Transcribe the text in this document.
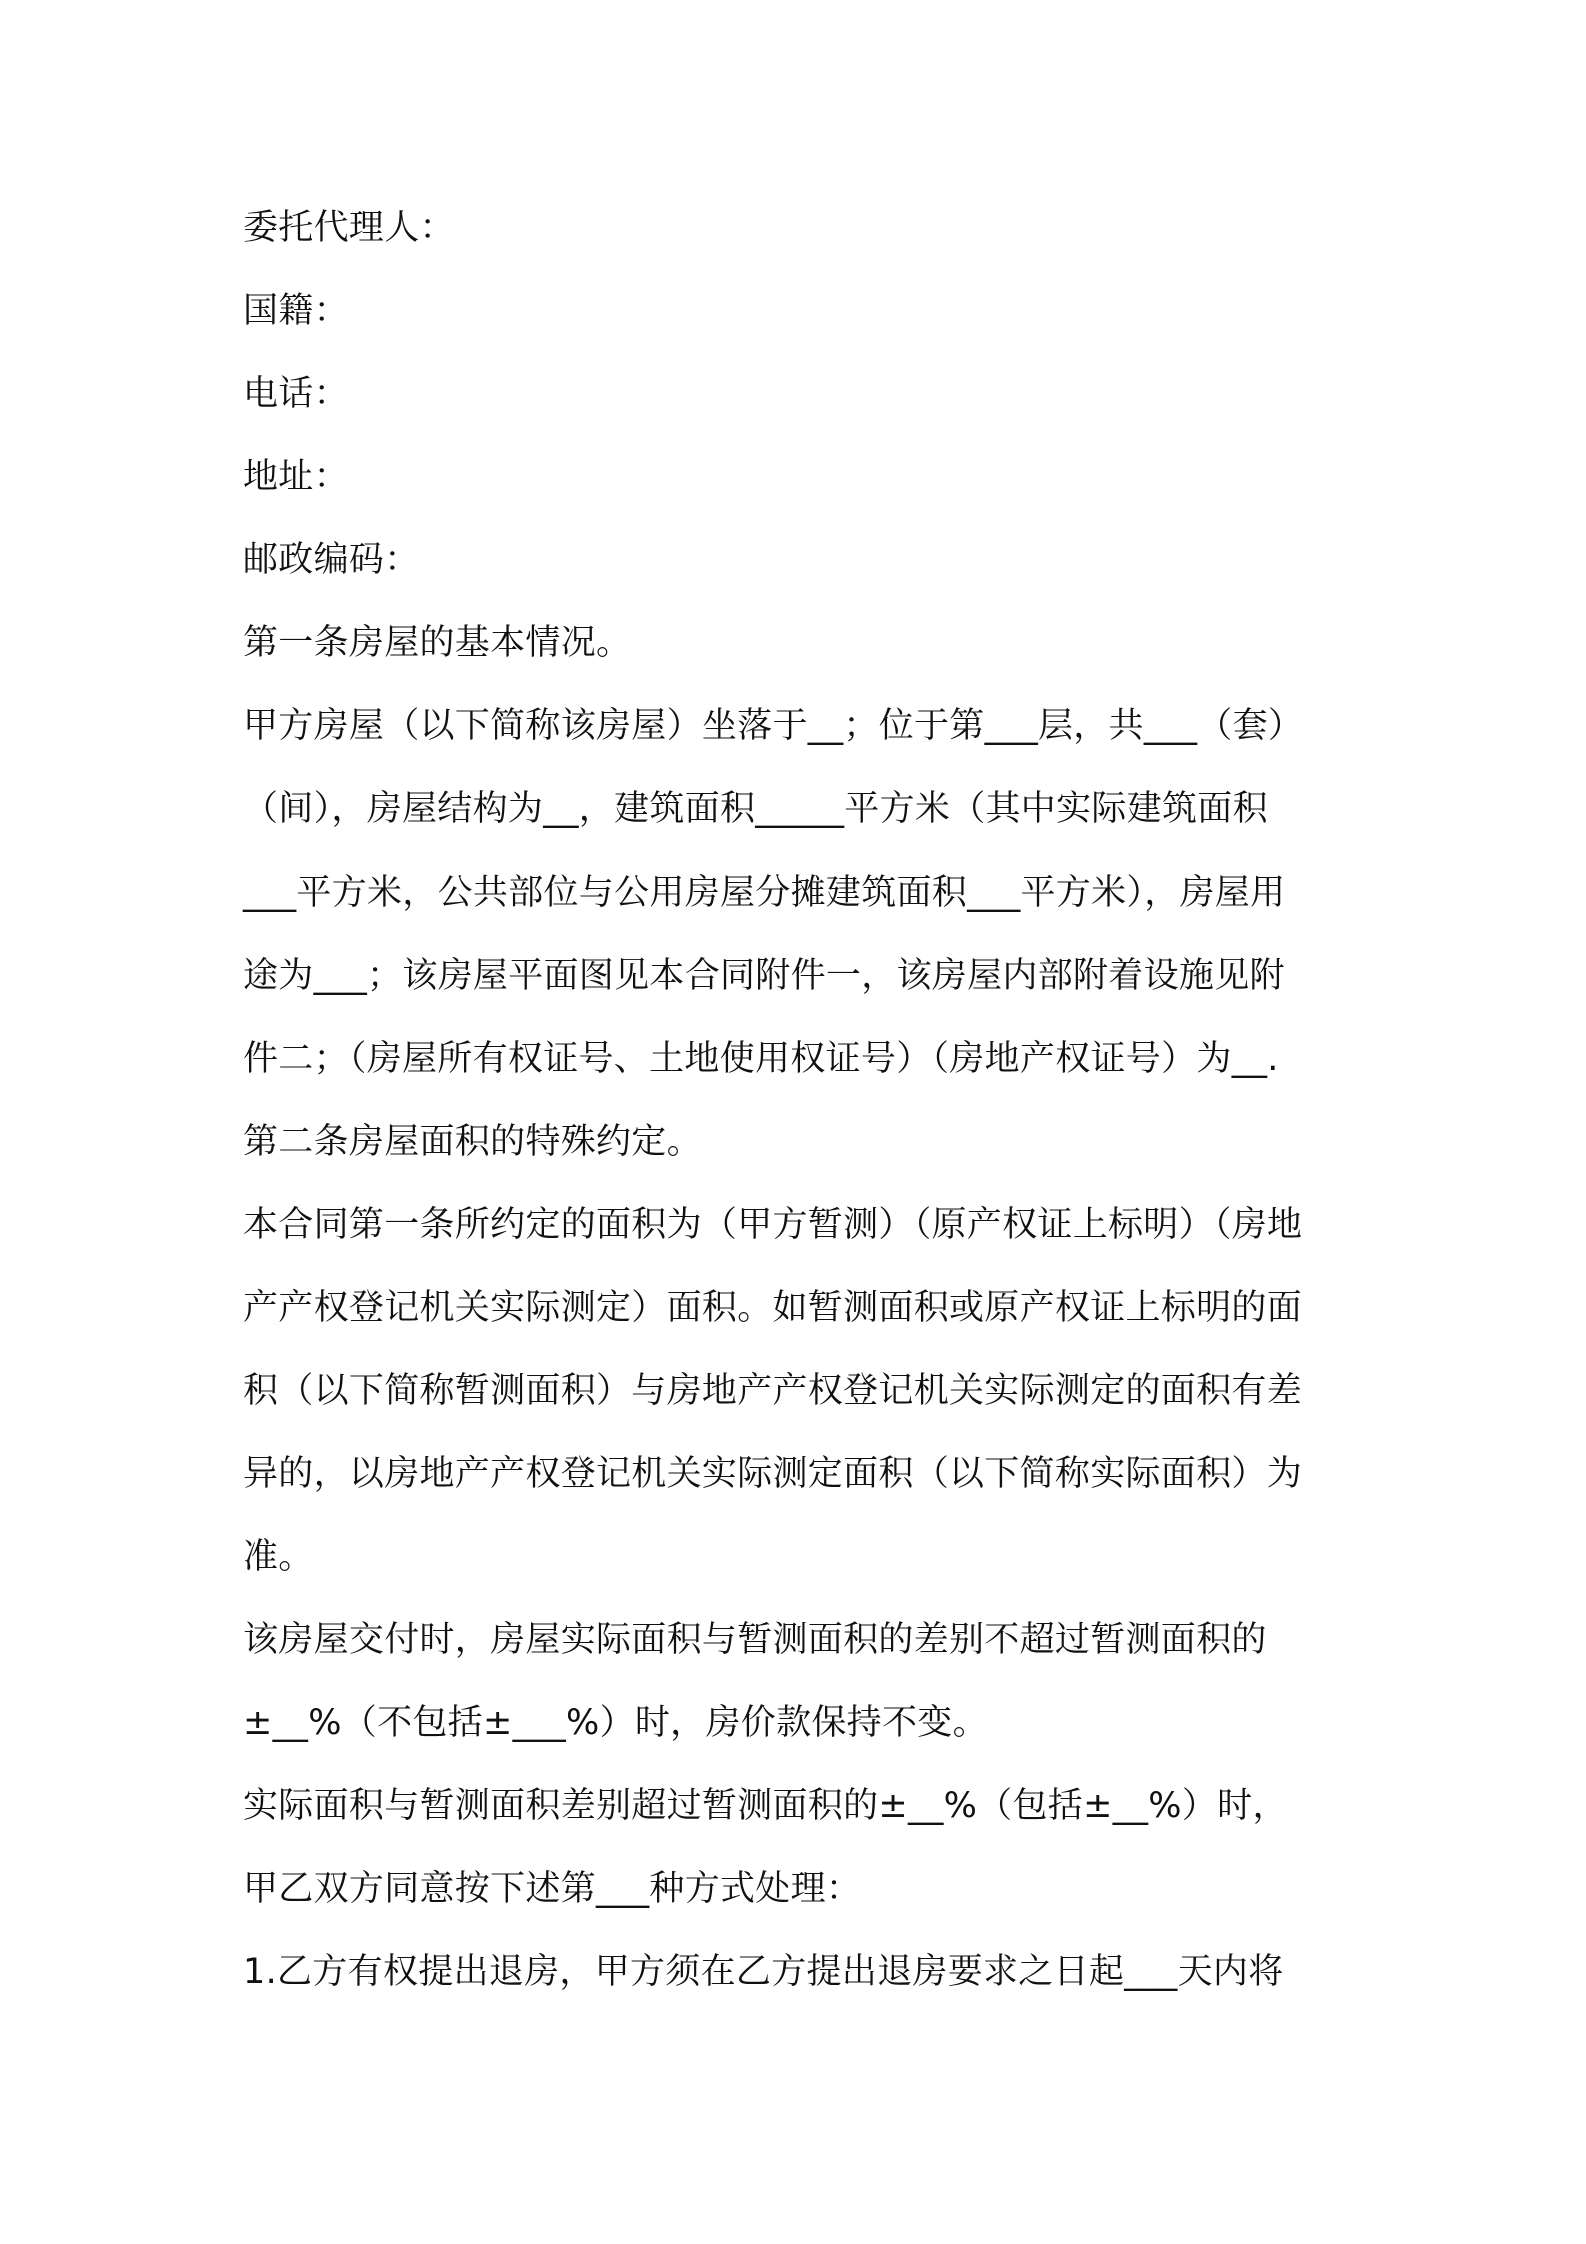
委托代理人：

国籍：

电话：

地址：

邮政编码：

第一条房屋的基本情况。

甲方房屋（以下简称该房屋）坐落于__；位于第___层，共___（套）

（间），房屋结构为__，建筑面积_____平方米（其中实际建筑面积

___平方米，公共部位与公用房屋分摊建筑面积___平方米），房屋用

途为___；该房屋平面图见本合同附件一，该房屋内部附着设施见附

件二；（房屋所有权证号、土地使用权证号）（房地产权证号）为__.

第二条房屋面积的特殊约定。

本合同第一条所约定的面积为（甲方暂测）（原产权证上标明）（房地

产产权登记机关实际测定）面积。如暂测面积或原产权证上标明的面

积（以下简称暂测面积）与房地产产权登记机关实际测定的面积有差

异的，以房地产产权登记机关实际测定面积（以下简称实际面积）为

准。

该房屋交付时，房屋实际面积与暂测面积的差别不超过暂测面积的

±__%（不包括±___%）时，房价款保持不变。

实际面积与暂测面积差别超过暂测面积的±__%（包括±__%）时，

甲乙双方同意按下述第___种方式处理：

1.乙方有权提出退房，甲方须在乙方提出退房要求之日起___天内将
